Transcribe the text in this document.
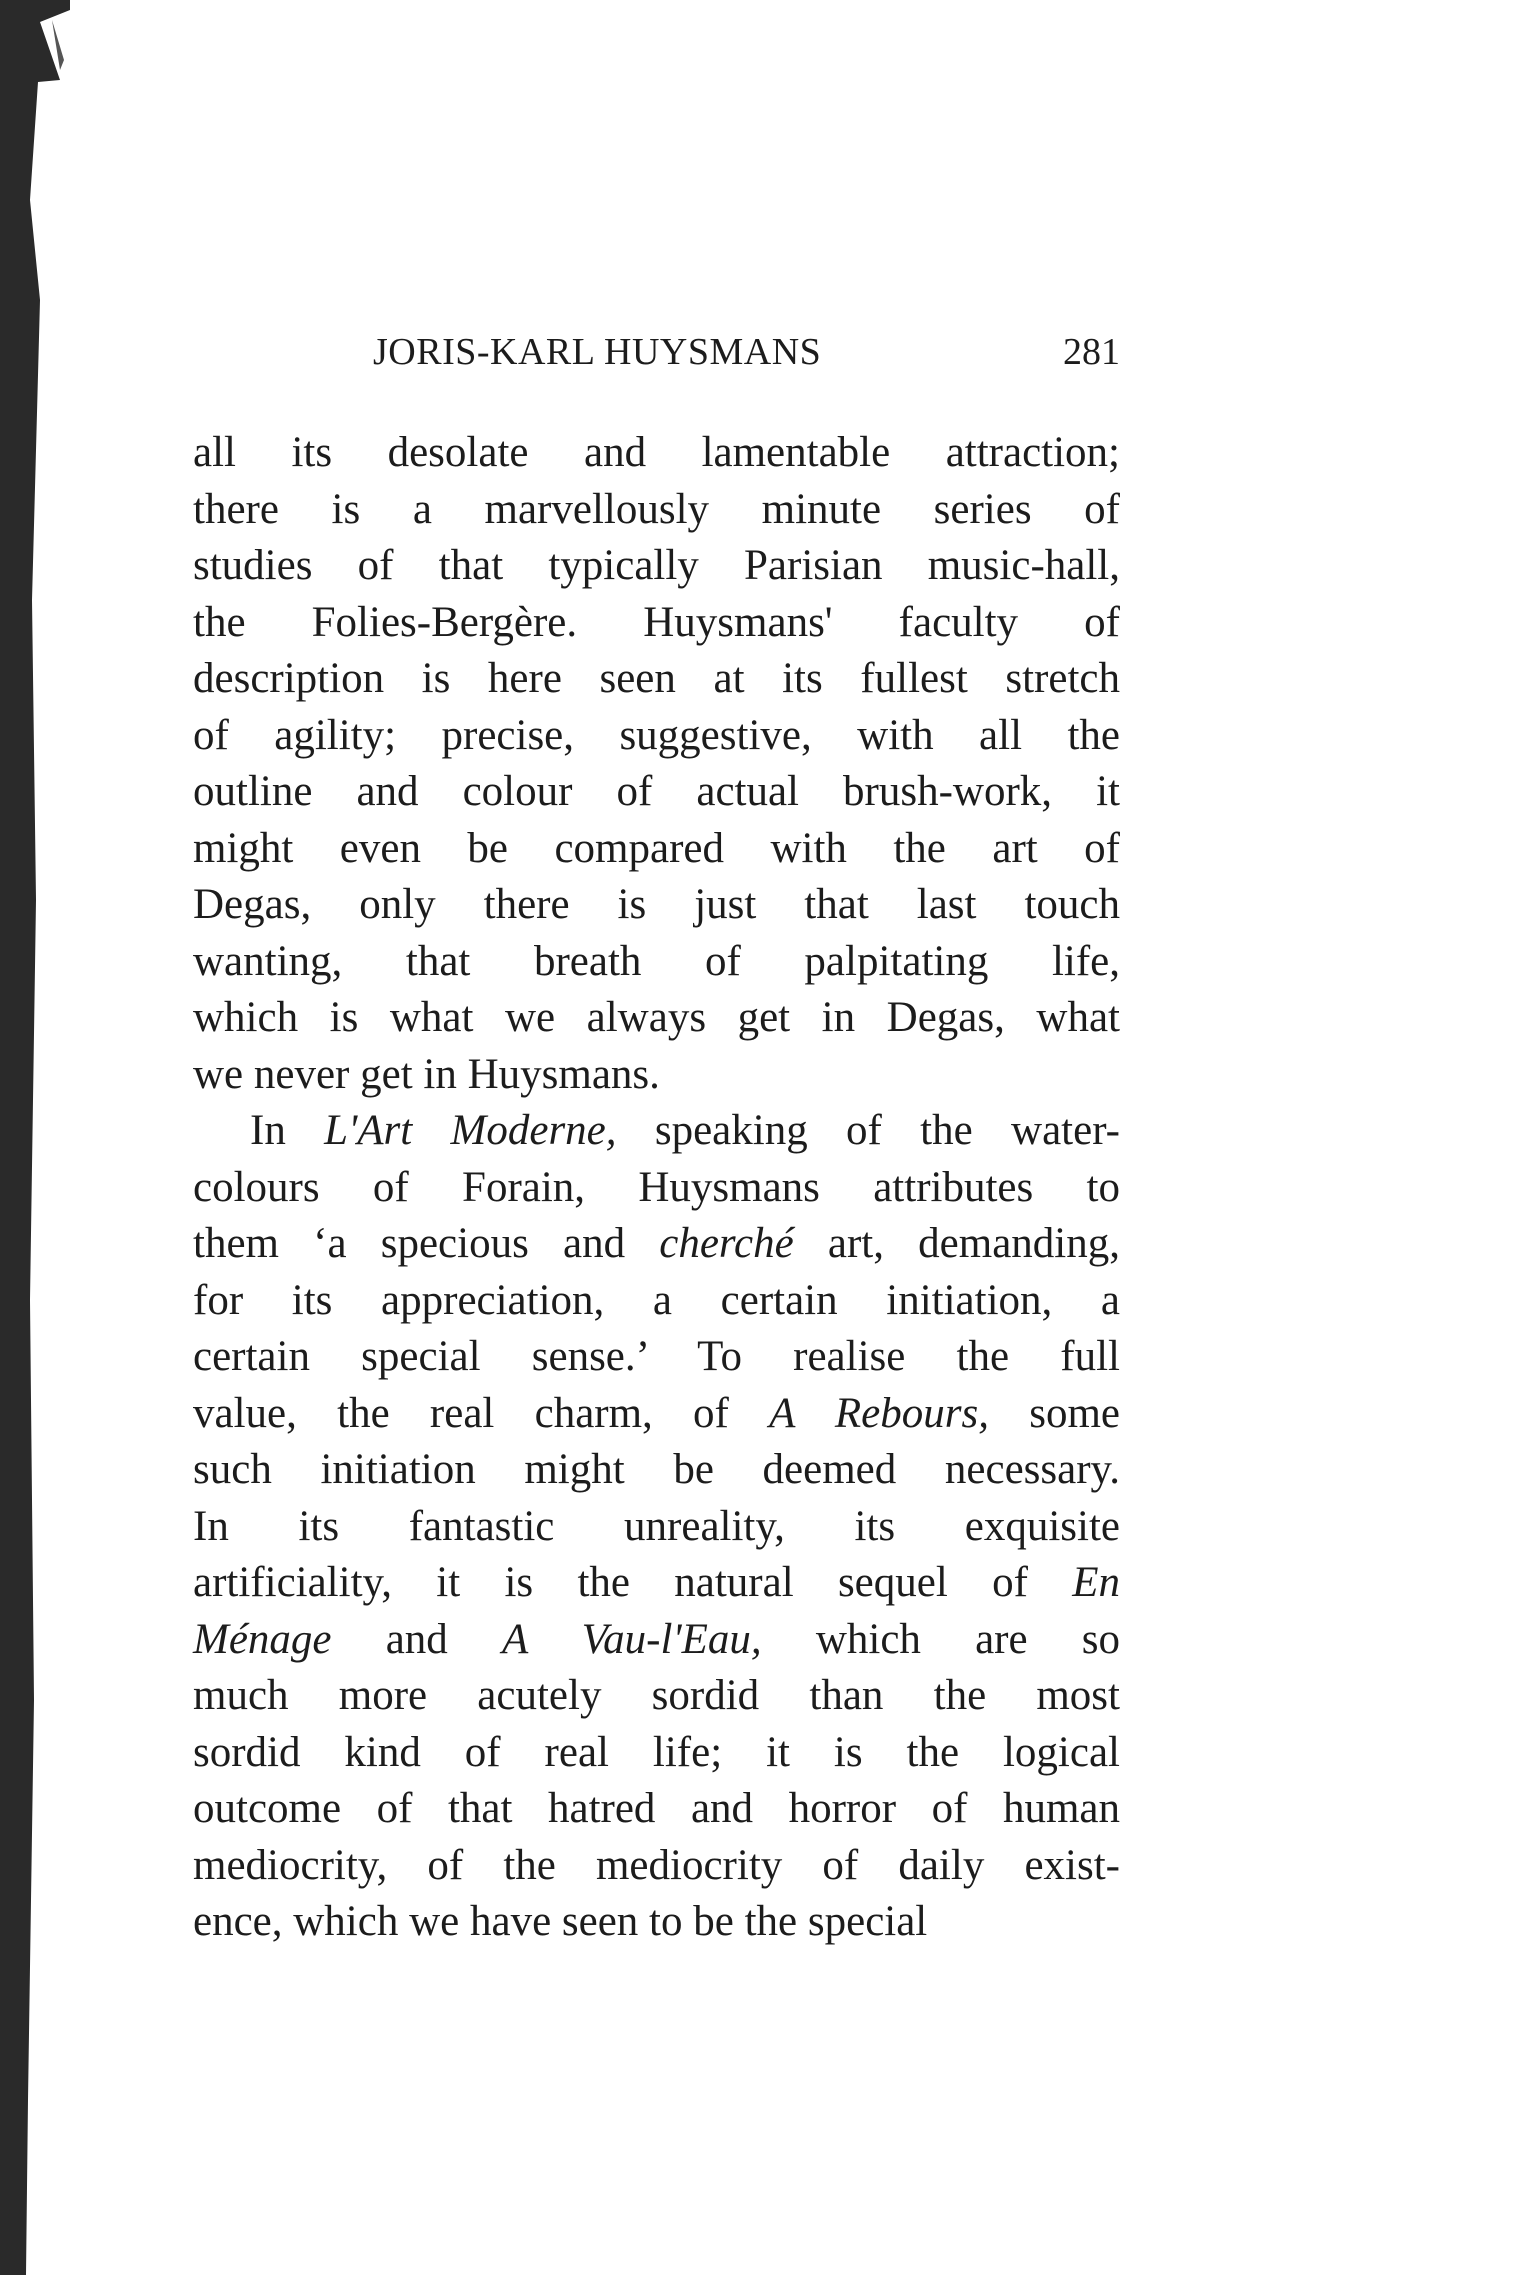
JORIS-KARL HUYSMANS	281
all its desolate and lamentable attraction;
there is a marvellously minute series of
studies of that typically Parisian music-hall,
the Folies-Bergère. Huysmans' faculty of
description is here seen at its fullest stretch
of agility; precise, suggestive, with all the
outline and colour of actual brush-work, it
might even be compared with the art of
Degas, only there is just that last touch
wanting, that breath of palpitating life,
which is what we always get in Degas, what
we never get in Huysmans.
In L'Art Moderne, speaking of the water-
colours of Forain, Huysmans attributes to
them ‘a specious and cherché art, demanding,
for its appreciation, a certain initiation, a
certain special sense.’ To realise the full
value, the real charm, of A Rebours, some
such initiation might be deemed necessary.
In its fantastic unreality, its exquisite
artificiality, it is the natural sequel of En
Ménage and A Vau-l'Eau, which are so
much more acutely sordid than the most
sordid kind of real life; it is the logical
outcome of that hatred and horror of human
mediocrity, of the mediocrity of daily exist-
ence, which we have seen to be the special
